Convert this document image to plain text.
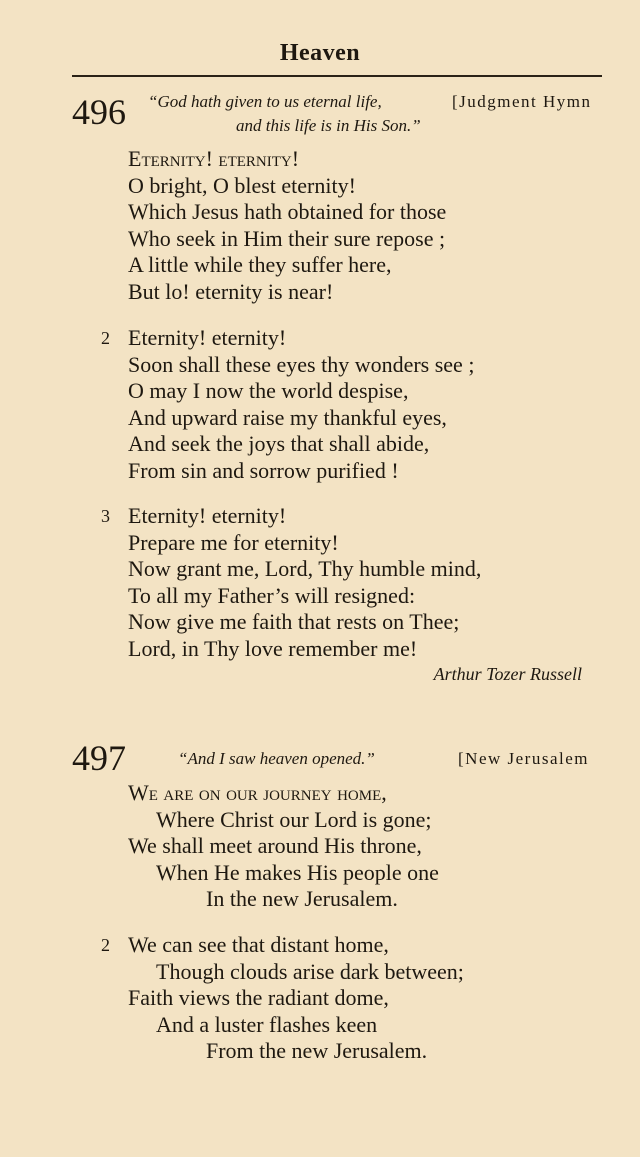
Heaven
496 “God hath given to us eternal life,
and this life is in His Son.”
[Judgment Hymn
Eternity! eternity!
O bright, O blest eternity!
Which Jesus hath obtained for those
Who seek in Him their sure repose ;
A little while they suffer here,
But lo! eternity is near!
2 Eternity! eternity!
Soon shall these eyes thy wonders see ;
O may I now the world despise,
And upward raise my thankful eyes,
And seek the joys that shall abide,
From sin and sorrow purified !
3 Eternity! eternity!
Prepare me for eternity!
Now grant me, Lord, Thy humble mind,
To all my Father’s will resigned:
Now give me faith that rests on Thee;
Lord, in Thy love remember me!
Arthur Tozer Russell
497	“And I saw heaven opened.”	[New Jerusalem
We are on our journey home,
Where Christ our Lord is gone;
We shall meet around His throne,
When He makes His people one
In the new Jerusalem.
2 We can see that distant home,
Though clouds arise dark between;
Faith views the radiant dome,
And a luster flashes keen
From the new Jerusalem.
